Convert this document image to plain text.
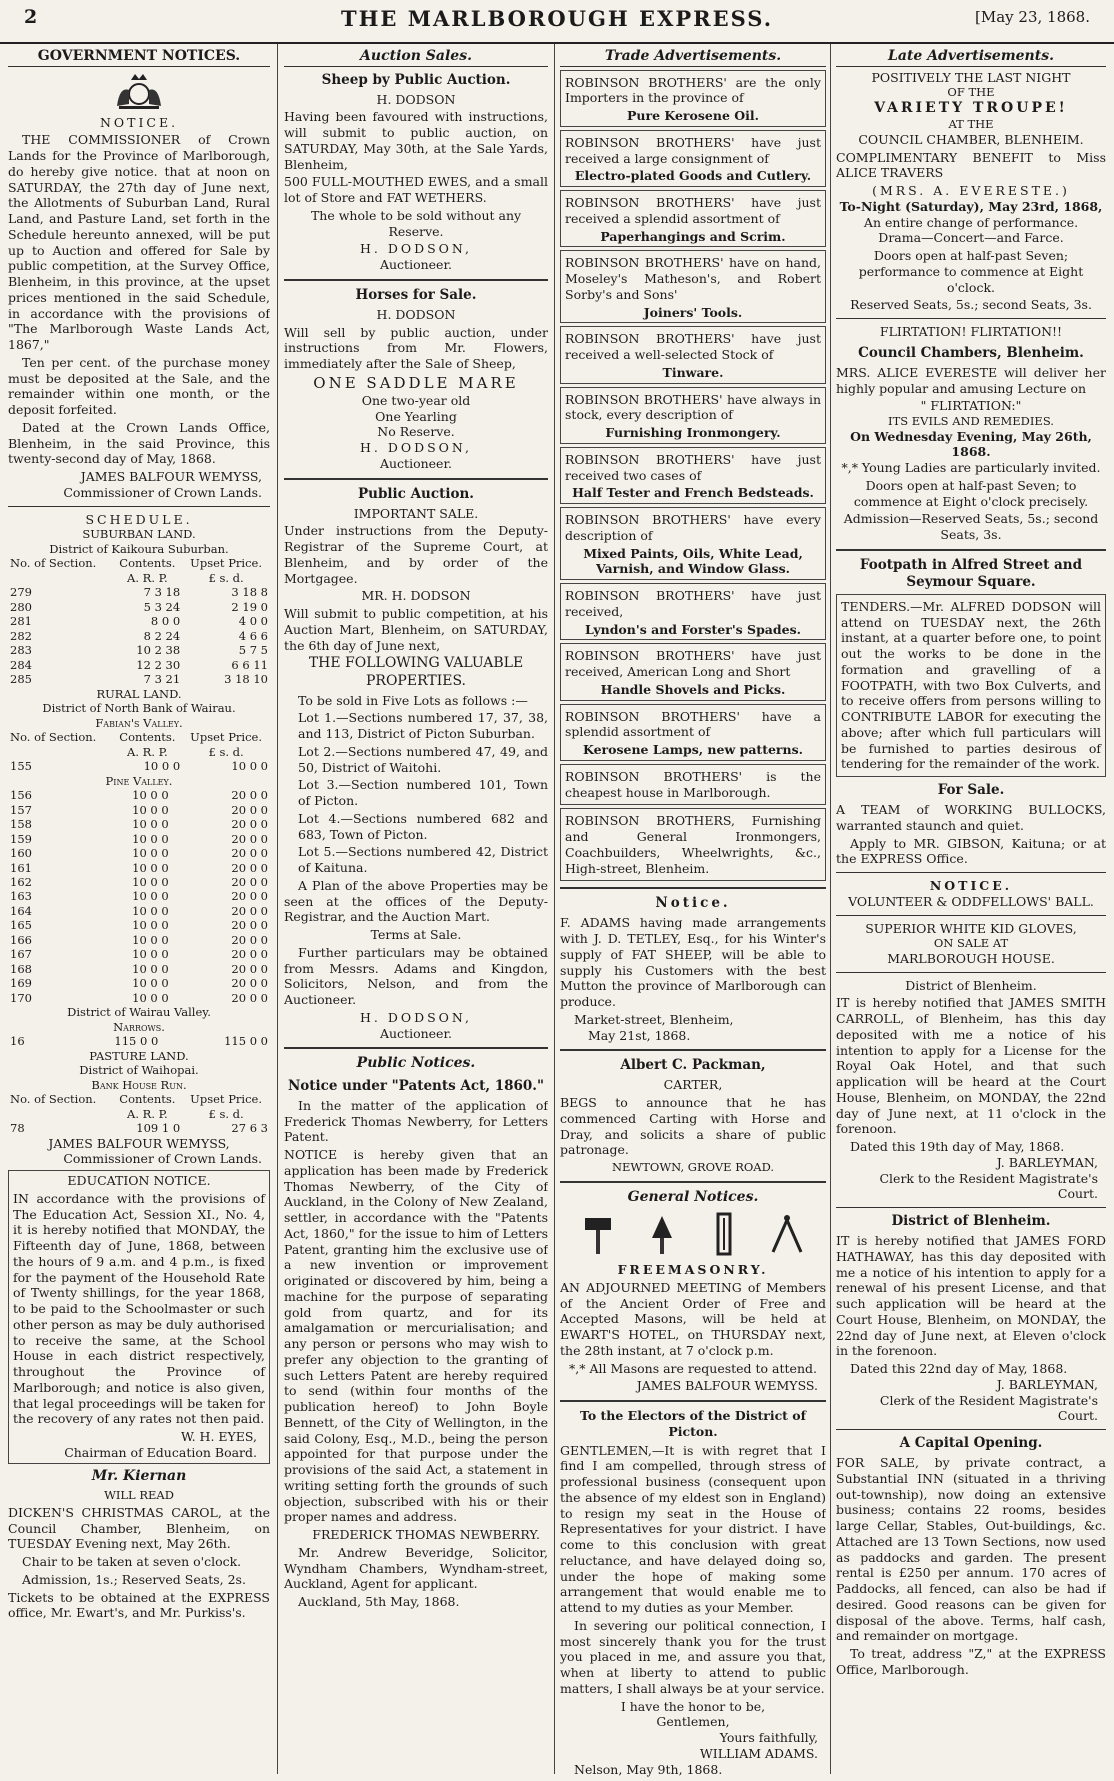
2	THE MARLBOROUGH EXPRESS.	[May 23, 1868.
GOVERNMENT NOTICES.
NOTICE.

THE COMMISSIONER of Crown Lands for the Province of Marlborough, do hereby give notice. that at noon on SATURDAY, the 27th day of June next, the Allotments of Suburban Land, Rural Land, and Pasture Land, set forth in the Schedule hereunto annexed, will be put up to Auction and offered for Sale by public competition, at the Survey Office, Blenheim, in this province, at the upset prices mentioned in the said Schedule, in accordance with the provisions of "The Marlborough Waste Lands Act, 1867,"

Ten per cent. of the purchase money must be deposited at the Sale, and the remainder within one month, or the deposit forfeited.

Dated at the Crown Lands Office, Blenheim, in the said Province, this twenty-second day of May, 1868.

JAMES BALFOUR WEMYSS,
Commissioner of Crown Lands.
SCHEDULE.
SUBURBAN LAND.
District of Kaikoura Suburban.
No. of Section.	Contents.	Upset Price.
	A. R. P.	£ s. d.
279	7 3 18	3 18 8
280	5 3 24	2 19 0
281	8 0 0	4 0 0
282	8 2 24	4 6 6
283	10 2 38	5 7 5
284	12 2 30	6 6 11
285	7 3 21	3 18 10
RURAL LAND.
District of North Bank of Wairau.
Fabian's Valley.
No. of Section.	Contents.	Upset Price.
	A. R. P.	£ s. d.
155	10 0 0	10 0 0
Pine Valley.
156	10 0 0	20 0 0
157	10 0 0	20 0 0
158	10 0 0	20 0 0
159	10 0 0	20 0 0
160	10 0 0	20 0 0
161	10 0 0	20 0 0
162	10 0 0	20 0 0
163	10 0 0	20 0 0
164	10 0 0	20 0 0
165	10 0 0	20 0 0
166	10 0 0	20 0 0
167	10 0 0	20 0 0
168	10 0 0	20 0 0
169	10 0 0	20 0 0
170	10 0 0	20 0 0
District of Wairau Valley.
Narrows.
16	115 0 0	115 0 0
PASTURE LAND.
District of Waihopai.
Bank House Run.
No. of Section.	Contents.	Upset Price.
	A. R. P.	£ s. d.
78	109 1 0	27 6 3
JAMES BALFOUR WEMYSS,
Commissioner of Crown Lands.
EDUCATION NOTICE.

IN accordance with the provisions of The Education Act, Session XI., No. 4, it is hereby notified that MONDAY, the Fifteenth day of June, 1868, between the hours of 9 a.m. and 4 p.m., is fixed for the payment of the Household Rate of Twenty shillings, for the year 1868, to be paid to the Schoolmaster or such other person as may be duly authorised to receive the same, at the School House in each district respectively, throughout the Province of Marlborough; and notice is also given, that legal proceedings will be taken for the recovery of any rates not then paid.

W. H. EYES,
Chairman of Education Board.
Mr. Kiernan
WILL READ

DICKEN'S CHRISTMAS CAROL, at the Council Chamber, Blenheim, on TUESDAY Evening next, May 26th.

Chair to be taken at seven o'clock.

Admission, 1s.; Reserved Seats, 2s.

Tickets to be obtained at the EXPRESS office, Mr. Ewart's, and Mr. Purkiss's.

Auction Sales.
Sheep by Public Auction.
H. DODSON

Having been favoured with instructions, will submit to public auction, on SATURDAY, May 30th, at the Sale Yards, Blenheim,

500 FULL-MOUTHED EWES, and a small lot of Store and FAT WETHERS.

The whole to be sold without any Reserve.

H. DODSON,
Auctioneer.
Horses for Sale.
H. DODSON

Will sell by public auction, under instructions from Mr. Flowers, immediately after the Sale of Sheep,

ONE SADDLE MARE
One two-year old
One Yearling
No Reserve.
H. DODSON,
Auctioneer.
Public Auction.
IMPORTANT SALE.

Under instructions from the Deputy-Registrar of the Supreme Court, at Blenheim, and by order of the Mortgagee.

MR. H. DODSON

Will submit to public competition, at his Auction Mart, Blenheim, on SATURDAY, the 6th day of June next,

THE FOLLOWING VALUABLE PROPERTIES.

To be sold in Five Lots as follows :—

Lot 1.—Sections numbered 17, 37, 38, and 113, District of Picton Suburban.

Lot 2.—Sections numbered 47, 49, and 50, District of Waitohi.

Lot 3.—Section numbered 101, Town of Picton.

Lot 4.—Sections numbered 682 and 683, Town of Picton.

Lot 5.—Sections numbered 42, District of Kaituna.

A Plan of the above Properties may be seen at the offices of the Deputy-Registrar, and the Auction Mart.

Terms at Sale.

Further particulars may be obtained from Messrs. Adams and Kingdon, Solicitors, Nelson, and from the Auctioneer.

H. DODSON,
Auctioneer.
Public Notices.
Notice under "Patents Act, 1860."

In the matter of the application of Frederick Thomas Newberry, for Letters Patent.

NOTICE is hereby given that an application has been made by Frederick Thomas Newberry, of the City of Auckland, in the Colony of New Zealand, settler, in accordance with the "Patents Act, 1860," for the issue to him of Letters Patent, granting him the exclusive use of a new invention or improvement originated or discovered by him, being a machine for the purpose of separating gold from quartz, and for its amalgamation or mercurialisation; and any person or persons who may wish to prefer any objection to the granting of such Letters Patent are hereby required to send (within four months of the publication hereof) to John Boyle Bennett, of the City of Wellington, in the said Colony, Esq., M.D., being the person appointed for that purpose under the provisions of the said Act, a statement in writing setting forth the grounds of such objection, subscribed with his or their proper names and address.

FREDERICK THOMAS NEWBERRY.

Mr. Andrew Beveridge, Solicitor, Wyndham Chambers, Wyndham-street, Auckland, Agent for applicant.

Auckland, 5th May, 1868.

Trade Advertisements.

ROBINSON BROTHERS' are the only Importers in the province of

Pure Kerosene Oil.

ROBINSON BROTHERS' have just received a large consignment of

Electro-plated Goods and Cutlery.

ROBINSON BROTHERS' have just received a splendid assortment of

Paperhangings and Scrim.

ROBINSON BROTHERS' have on hand, Moseley's Matheson's, and Robert Sorby's and Sons'

Joiners' Tools.

ROBINSON BROTHERS' have just received a well-selected Stock of

Tinware.

ROBINSON BROTHERS' have always in stock, every description of

Furnishing Ironmongery.

ROBINSON BROTHERS' have just received two cases of

Half Tester and French Bedsteads.

ROBINSON BROTHERS' have every description of

Mixed Paints, Oils, White Lead, Varnish, and Window Glass.

ROBINSON BROTHERS' have just received,

Lyndon's and Forster's Spades.

ROBINSON BROTHERS' have just received, American Long and Short

Handle Shovels and Picks.

ROBINSON BROTHERS' have a splendid assortment of

Kerosene Lamps, new patterns.

ROBINSON BROTHERS' is the cheapest house in Marlborough.

ROBINSON BROTHERS, Furnishing and General Ironmongers, Coachbuilders, Wheelwrights, &c., High-street, Blenheim.

Notice.

F. ADAMS having made arrangements with J. D. TETLEY, Esq., for his Winter's supply of FAT SHEEP, will be able to supply his Customers with the best Mutton the province of Marlborough can produce.

Market-street, Blenheim,
May 21st, 1868.
Albert C. Packman,
CARTER,

BEGS to announce that he has commenced Carting with Horse and Dray, and solicits a share of public patronage.

NEWTOWN, GROVE ROAD.
General Notices.
FREEMASONRY.

AN ADJOURNED MEETING of Members of the Ancient Order of Free and Accepted Masons, will be held at EWART'S HOTEL, on THURSDAY next, the 28th instant, at 7 o'clock p.m.

*,* All Masons are requested to attend.

JAMES BALFOUR WEMYSS.
To the Electors of the District of Picton.

GENTLEMEN,—It is with regret that I find I am compelled, through stress of professional business (consequent upon the absence of my eldest son in England) to resign my seat in the House of Representatives for your district. I have come to this conclusion with great reluctance, and have delayed doing so, under the hope of making some arrangement that would enable me to attend to my duties as your Member.

In severing our political connection, I most sincerely thank you for the trust you placed in me, and assure you that, when at liberty to attend to public matters, I shall always be at your service.

I have the honor to be,
Gentlemen,
Yours faithfully,
WILLIAM ADAMS.
Nelson, May 9th, 1868.
Late Advertisements.
POSITIVELY THE LAST NIGHT
OF THE
VARIETY TROUPE!
AT THE
COUNCIL CHAMBER, BLENHEIM.

COMPLIMENTARY BENEFIT to Miss ALICE TRAVERS

(MRS. A. EVERESTE.)
To-Night (Saturday), May 23rd, 1868,
An entire change of performance.
Drama—Concert—and Farce.

Doors open at half-past Seven; performance to commence at Eight o'clock.

Reserved Seats, 5s.; second Seats, 3s.
FLIRTATION! FLIRTATION!!
Council Chambers, Blenheim.

MRS. ALICE EVERESTE will deliver her highly popular and amusing Lecture on

" FLIRTATION:"
ITS EVILS AND REMEDIES.
On Wednesday Evening, May 26th, 1868.
*,* Young Ladies are particularly invited.

Doors open at half-past Seven; to commence at Eight o'clock precisely.

Admission—Reserved Seats, 5s.; second Seats, 3s.

Footpath in Alfred Street and Seymour Square.

TENDERS.—Mr. ALFRED DODSON will attend on TUESDAY next, the 26th instant, at a quarter before one, to point out the works to be done in the formation and gravelling of a FOOTPATH, with two Box Culverts, and to receive offers from persons willing to CONTRIBUTE LABOR for executing the above; after which full particulars will be furnished to parties desirous of tendering for the remainder of the work.

For Sale.

A TEAM of WORKING BULLOCKS, warranted staunch and quiet.

Apply to MR. GIBSON, Kaituna; or at the EXPRESS Office.

NOTICE.
VOLUNTEER & ODDFELLOWS' BALL.
SUPERIOR WHITE KID GLOVES,
ON SALE AT
MARLBOROUGH HOUSE.
District of Blenheim.

IT is hereby notified that JAMES SMITH CARROLL, of Blenheim, has this day deposited with me a notice of his intention to apply for a License for the Royal Oak Hotel, and that such application will be heard at the Court House, Blenheim, on MONDAY, the 22nd day of June next, at 11 o'clock in the forenoon.

Dated this 19th day of May, 1868.
J. BARLEYMAN,
Clerk to the Resident Magistrate's Court.
District of Blenheim.

IT is hereby notified that JAMES FORD HATHAWAY, has this day deposited with me a notice of his intention to apply for a renewal of his present License, and that such application will be heard at the Court House, Blenheim, on MONDAY, the 22nd day of June next, at Eleven o'clock in the forenoon.

Dated this 22nd day of May, 1868.
J. BARLEYMAN,
Clerk of the Resident Magistrate's Court.
A Capital Opening.

FOR SALE, by private contract, a Substantial INN (situated in a thriving out-township), now doing an extensive business; contains 22 rooms, besides large Cellar, Stables, Out-buildings, &c. Attached are 13 Town Sections, now used as paddocks and garden. The present rental is £250 per annum. 170 acres of Paddocks, all fenced, can also be had if desired. Good reasons can be given for disposal of the above. Terms, half cash, and remainder on mortgage.

To treat, address "Z," at the EXPRESS Office, Marlborough.
